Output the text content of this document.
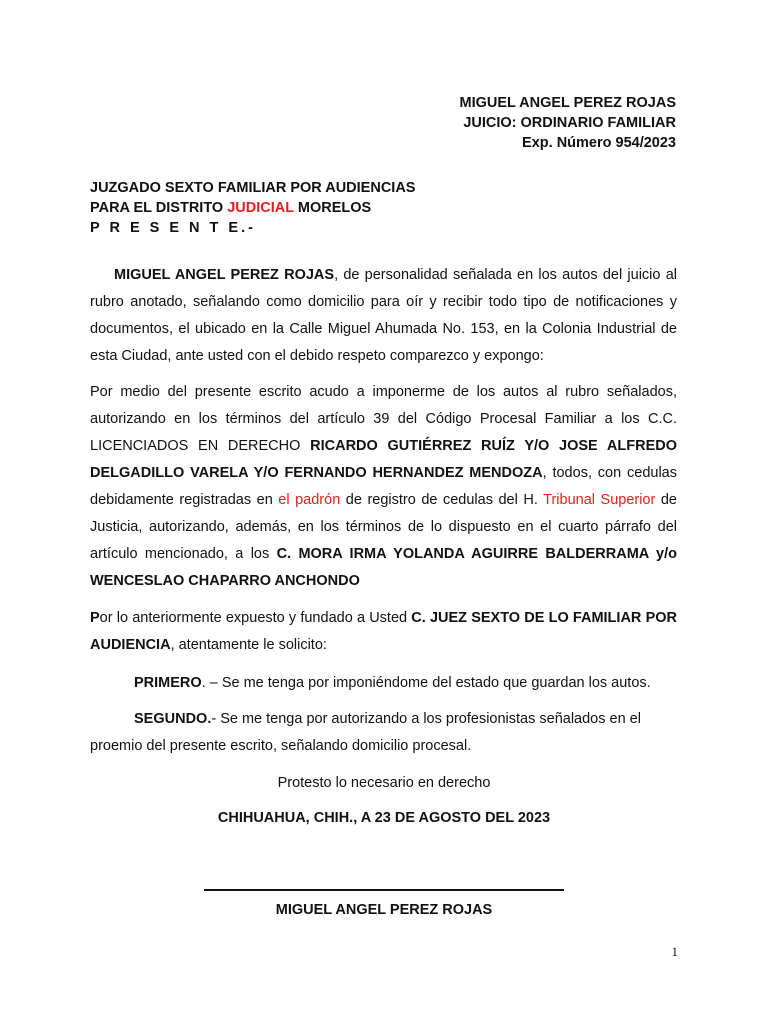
MIGUEL ANGEL PEREZ ROJAS
JUICIO: ORDINARIO FAMILIAR
Exp. Número 954/2023
JUZGADO SEXTO FAMILIAR POR AUDIENCIAS
PARA EL DISTRITO JUDICIAL MORELOS
P R E S E N T E.-
MIGUEL ANGEL PEREZ ROJAS, de personalidad señalada en los autos del juicio al rubro anotado, señalando como domicilio para oír y recibir todo tipo de notificaciones y documentos, el ubicado en la Calle Miguel Ahumada No. 153, en la Colonia Industrial de esta Ciudad, ante usted con el debido respeto comparezco y expongo:
Por medio del presente escrito acudo a imponerme de los autos al rubro señalados, autorizando en los términos del artículo 39 del Código Procesal Familiar a los C.C. LICENCIADOS EN DERECHO RICARDO GUTIÉRREZ RUÍZ Y/O JOSE ALFREDO DELGADILLO VARELA Y/O FERNANDO HERNANDEZ MENDOZA, todos, con cedulas debidamente registradas en el padrón de registro de cedulas del H. Tribunal Superior de Justicia, autorizando, además, en los términos de lo dispuesto en el cuarto párrafo del artículo mencionado, a los C. MORA IRMA YOLANDA AGUIRRE BALDERRAMA y/o WENCESLAO CHAPARRO ANCHONDO
Por lo anteriormente expuesto y fundado a Usted C. JUEZ SEXTO DE LO FAMILIAR POR AUDIENCIA, atentamente le solicito:
PRIMERO. – Se me tenga por imponiéndome del estado que guardan los autos.
SEGUNDO.- Se me tenga por autorizando a los profesionistas señalados en el proemio del presente escrito, señalando domicilio procesal.
Protesto lo necesario en derecho
CHIHUAHUA, CHIH., A 23 DE AGOSTO DEL 2023
MIGUEL ANGEL PEREZ ROJAS
1
